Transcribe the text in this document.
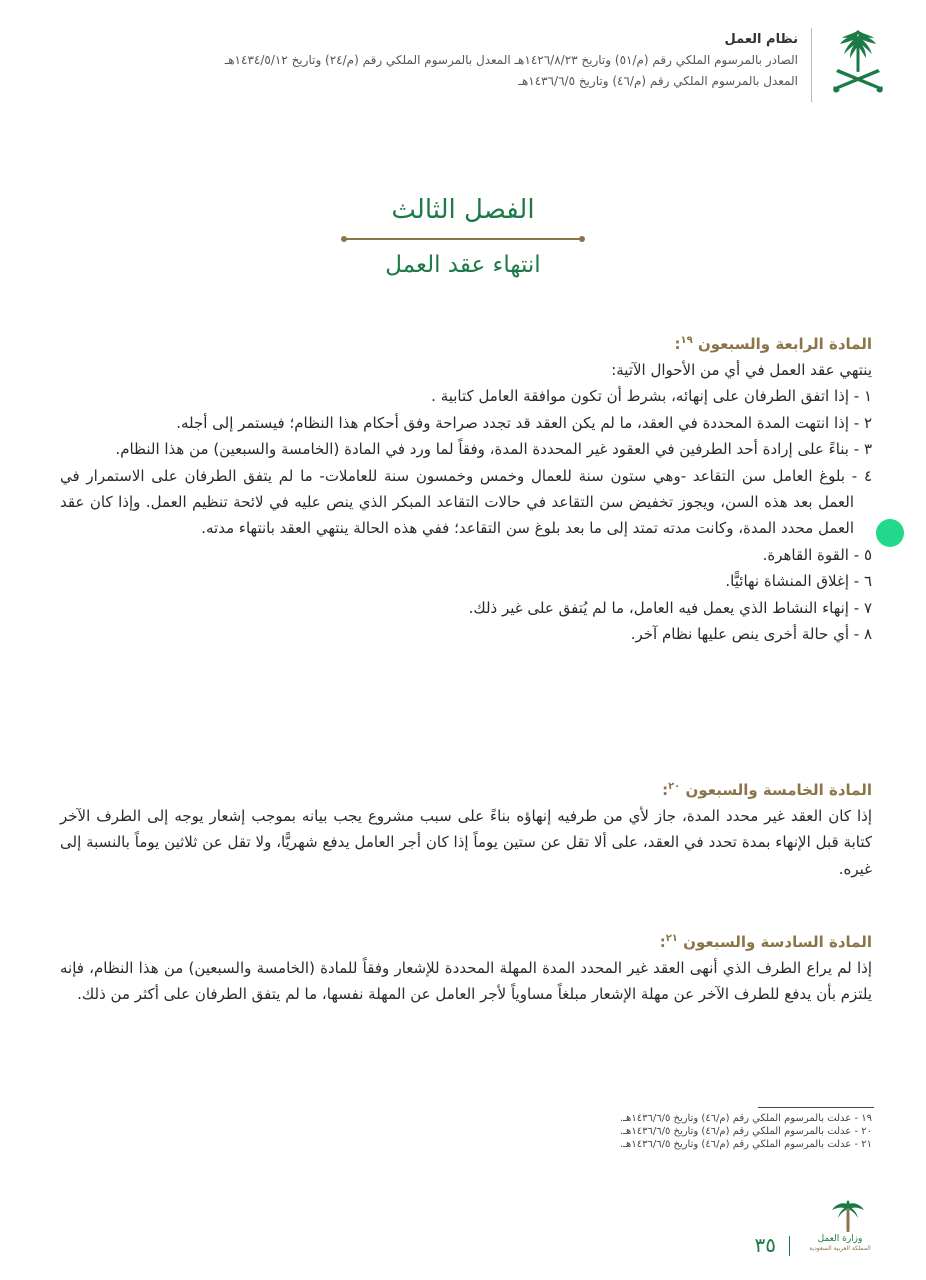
نظام العمل
الصادر بالمرسوم الملكي رقم (م/٥١) وتاريخ ١٤٢٦/٨/٢٣هـ المعدل بالمرسوم الملكي رقم (م/٢٤) وتاريخ ١٤٣٤/٥/١٢هـ
المعدل بالمرسوم الملكي رقم (م/٤٦) وتاريخ ١٤٣٦/٦/٥هـ
الفصل الثالث
انتهاء عقد العمل
المادة الرابعة والسبعون $^{١٩}$:
ينتهي عقد العمل في أي من الأحوال الآتية:
١ - إذا اتفق الطرفان على إنهائه، بشرط أن تكون موافقة العامل كتابية .
٢ - إذا انتهت المدة المحددة في العقد، ما لم يكن العقد قد تجدد صراحة وفق أحكام هذا النظام؛ فيستمر إلى أجله.
٣ - بناءً على إرادة أحد الطرفين في العقود غير المحددة المدة، وفقاً لما ورد في المادة (الخامسة والسبعين) من هذا النظام.
٤ - بلوغ العامل سن التقاعد -وهي ستون سنة للعمال وخمس وخمسون سنة للعاملات- ما لم يتفق الطرفان على الاستمرار في العمل بعد هذه السن، ويجوز تخفيض سن التقاعد في حالات التقاعد المبكر الذي ينص عليه في لائحة تنظيم العمل. وإذا كان عقد العمل محدد المدة، وكانت مدته تمتد إلى ما بعد بلوغ سن التقاعد؛ ففي هذه الحالة ينتهي العقد بانتهاء مدته.
٥ - القوة القاهرة.
٦ - إغلاق المنشاة نهائيًّا.
٧ - إنهاء النشاط الذي يعمل فيه العامل، ما لم يُتفق على غير ذلك.
٨ - أي حالة أخرى ينص عليها نظام آخر.
المادة الخامسة والسبعون $^{٢٠}$:
إذا كان العقد غير محدد المدة، جاز لأي من طرفيه إنهاؤه بناءً على سبب مشروع يجب بيانه بموجب إشعار يوجه إلى الطرف الآخر كتابة قبل الإنهاء بمدة تحدد في العقد، على ألا تقل عن ستين يوماً إذا كان أجر العامل يدفع شهريًّا، ولا تقل عن ثلاثين يوماً بالنسبة إلى غيره.
المادة السادسة والسبعون $^{٢١}$:
إذا لم يراع الطرف الذي أنهى العقد غير المحدد المدة المهلة المحددة للإشعار وفقاً للمادة (الخامسة والسبعين) من هذا النظام، فإنه يلتزم بأن يدفع للطرف الآخر عن مهلة الإشعار مبلغاً مساوياً لأجر العامل عن المهلة نفسها، ما لم يتفق الطرفان على أكثر من ذلك.
١٩ - عدلت بالمرسوم الملكي رقم (م/٤٦) وتاريخ ١٤٣٦/٦/٥هـ.
٢٠ - عدلت بالمرسوم الملكي رقم (م/٤٦) وتاريخ ١٤٣٦/٦/٥هـ.
٢١ - عدلت بالمرسوم الملكي رقم (م/٤٦) وتاريخ ١٤٣٦/٦/٥هـ.
وزارة العمل
المملكة العربية السعودية
٣٥
